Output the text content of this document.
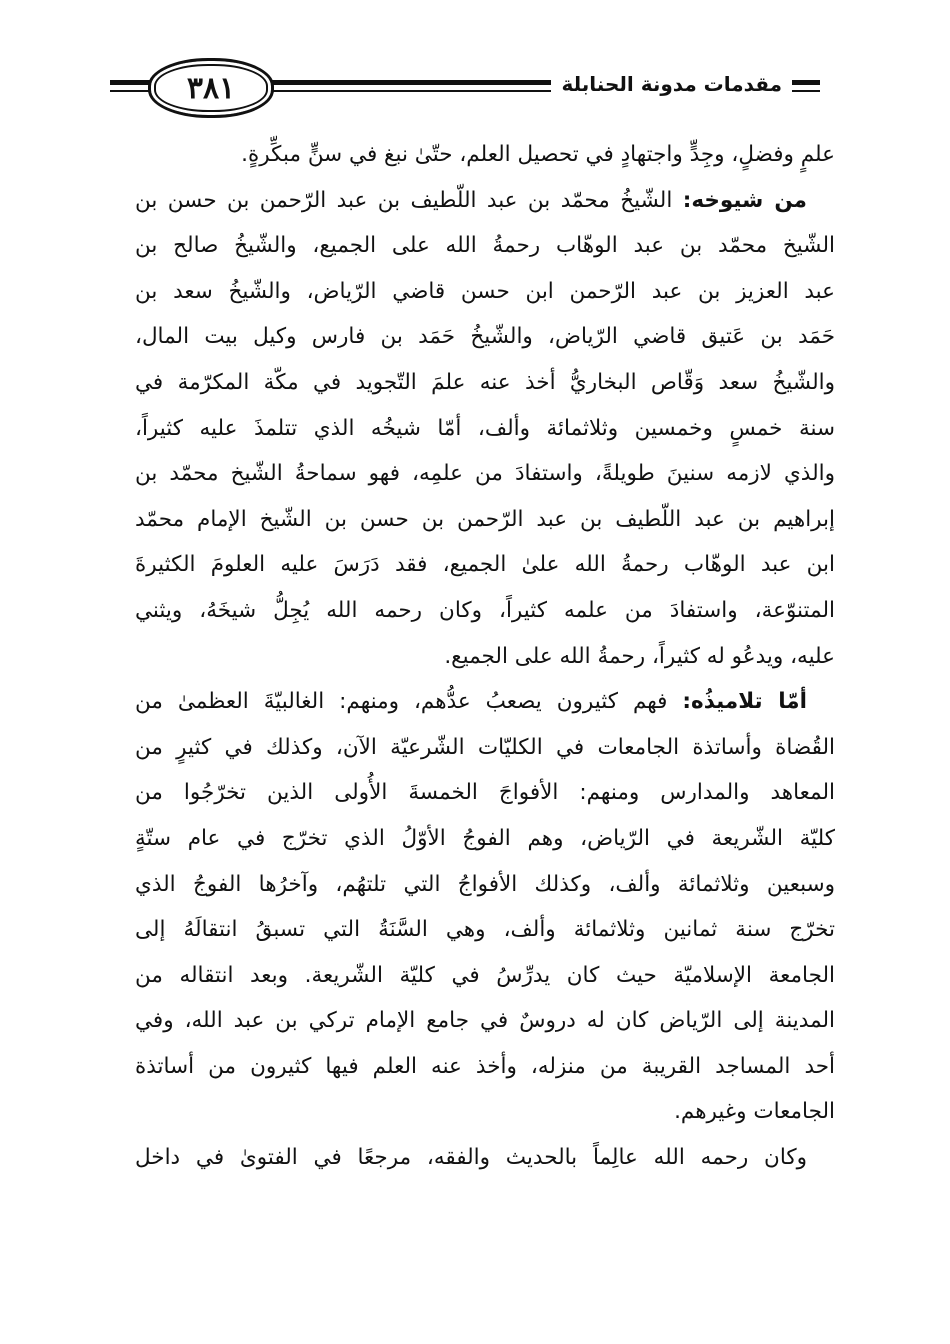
٣٨١	مقدمات مدونة الحنابلة

علمٍ وفضلٍ، وجِدٍّ واجتهادٍ في تحصيل العلم، حتّىٰ نبغ في سنٍّ مبكِّرةٍ.

من شيوخه: الشّيخُ محمّد بن عبد اللّطيف بن عبد الرّحمن بن حسن بن
الشّيخ محمّد بن عبد الوهّاب رحمةُ الله على الجميع، والشّيخُ صالح بن
عبد العزيز بن عبد الرّحمن ابن حسن قاضي الرّياض، والشّيخُ سعد بن
حَمَد بن عَتيق قاضي الرّياض، والشّيخُ حَمَد بن فارس وكيل بيت المال،
والشّيخُ سعد وَقّاص البخاريُّ أخذ عنه علمَ التّجويد في مكّة المكرّمة في
سنة خمسٍ وخمسين وثلاثمائة وألف، أمّا شيخُه الذي تتلمذَ عليه كثيراً،
والذي لازمه سنينَ طويلةً، واستفادَ من علمِه، فهو سماحةُ الشّيخ محمّد بن
إبراهيم بن عبد اللّطيف بن عبد الرّحمن بن حسن بن الشّيخ الإمام محمّد
ابن عبد الوهّاب رحمةُ الله علىٰ الجميع، فقد دَرَسَ عليه العلومَ الكثيرةَ
المتنوّعة، واستفادَ من علمه كثيراً، وكان رحمه الله يُجِلُّ شيخَهُ، ويثني
عليه، ويدعُو له كثيراً، رحمةُ الله على الجميع.

أمّا تلاميذُه: فهم كثيرون يصعبُ عدُّهم، ومنهم: الغالبيّةَ العظمىٰ من
القُضاة وأساتذة الجامعات في الكليّات الشّرعيّة الآن، وكذلك في كثيرٍ من
المعاهد والمدارس ومنهم: الأفواجَ الخمسةَ الأُولى الذين تخرّجُوا من
كليّة الشّريعة في الرّياض، وهم الفوجُ الأوّلُ الذي تخرّج في عام ستّةٍ
وسبعين وثلاثمائة وألف، وكذلك الأفواجُ التي تلتهُم، وآخرُها الفوجُ الذي
تخرّج سنة ثمانين وثلاثمائة وألف، وهي السَّنَةُ التي تسبقُ انتقالَهُ إلى
الجامعة الإسلاميّة حيث كان يدرِّسُ في كليّة الشّريعة. وبعد انتقاله من
المدينة إلى الرّياض كان له دروسٌ في جامع الإمام تركي بن عبد الله، وفي
أحد المساجد القريبة من منزله، وأخذ عنه العلم فيها كثيرون من أساتذة
الجامعات وغيرهم.

وكان رحمه الله عالِماً بالحديث والفقه، مرجعًا في الفتوىٰ في داخل
